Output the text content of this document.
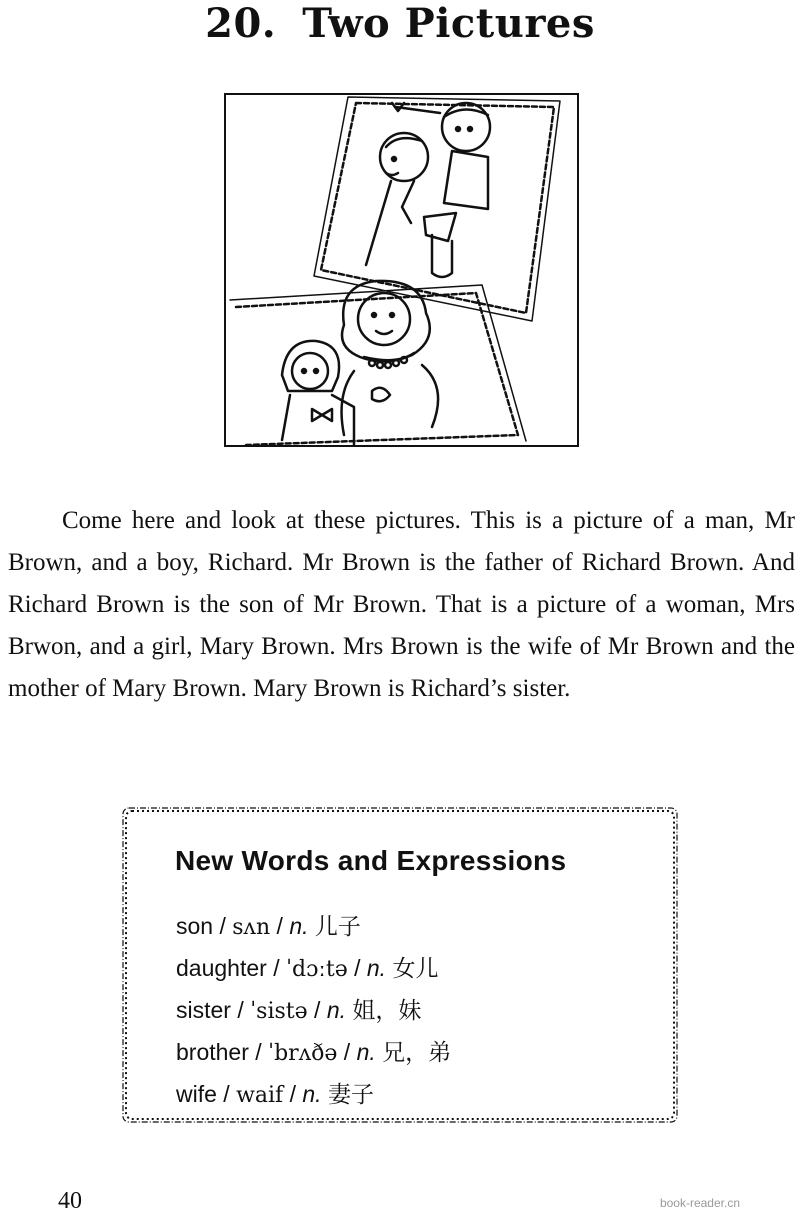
20. Two Pictures

Come here and look at these pictures. This is a picture of a man, Mr Brown, and a boy, Richard. Mr Brown is the father of Richard Brown. And Richard Brown is the son of Mr Brown. That is a picture of a woman, Mrs Brwon, and a girl, Mary Brown. Mrs Brown is the wife of Mr Brown and the mother of Mary Brown. Mary Brown is Richard’s sister.

New Words and Expressions
son / sʌn / n. 儿子
daughter / ˈdɔːtə / n. 女儿
sister / ˈsistə / n. 姐，妹
brother / ˈbrʌðə / n. 兄，弟
wife / waif / n. 妻子
40	book-reader.cn
